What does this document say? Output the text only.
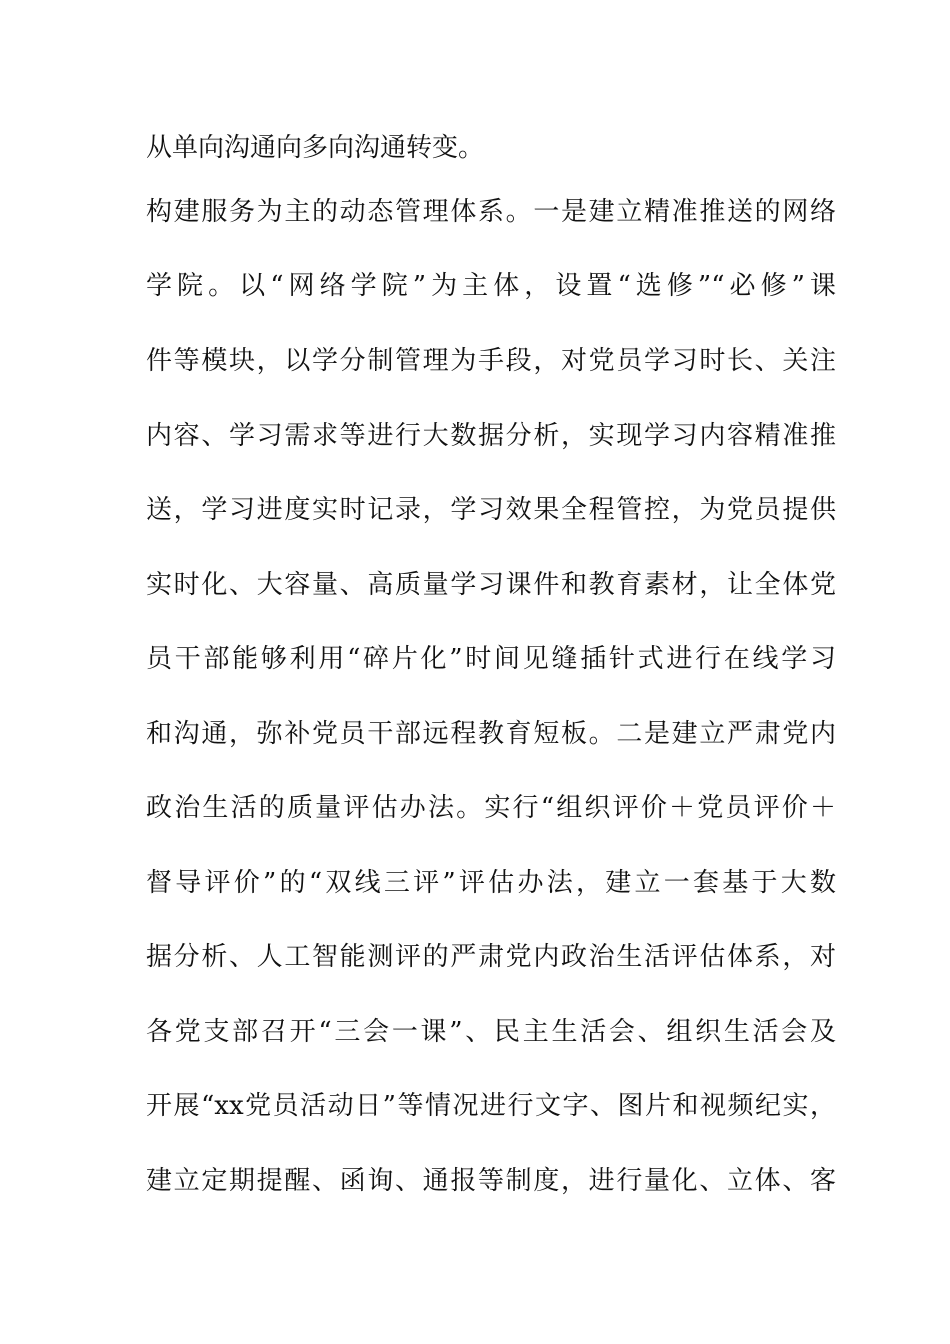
从单向沟通向多向沟通转变。
构建服务为主的动态管理体系。一是建立精准推送的网络
学院。以“网络学院”为主体，设置“选修”“必修”课
件等模块，以学分制管理为手段，对党员学习时长、关注
内容、学习需求等进行大数据分析，实现学习内容精准推
送，学习进度实时记录，学习效果全程管控，为党员提供
实时化、大容量、高质量学习课件和教育素材，让全体党
员干部能够利用“碎片化”时间见缝插针式进行在线学习
和沟通，弥补党员干部远程教育短板。二是建立严肃党内
政治生活的质量评估办法。实行“组织评价＋党员评价＋
督导评价”的“双线三评”评估办法，建立一套基于大数
据分析、人工智能测评的严肃党内政治生活评估体系，对
各党支部召开“三会一课”、民主生活会、组织生活会及
开展“xx党员活动日”等情况进行文字、图片和视频纪实，
建立定期提醒、函询、通报等制度，进行量化、立体、客
